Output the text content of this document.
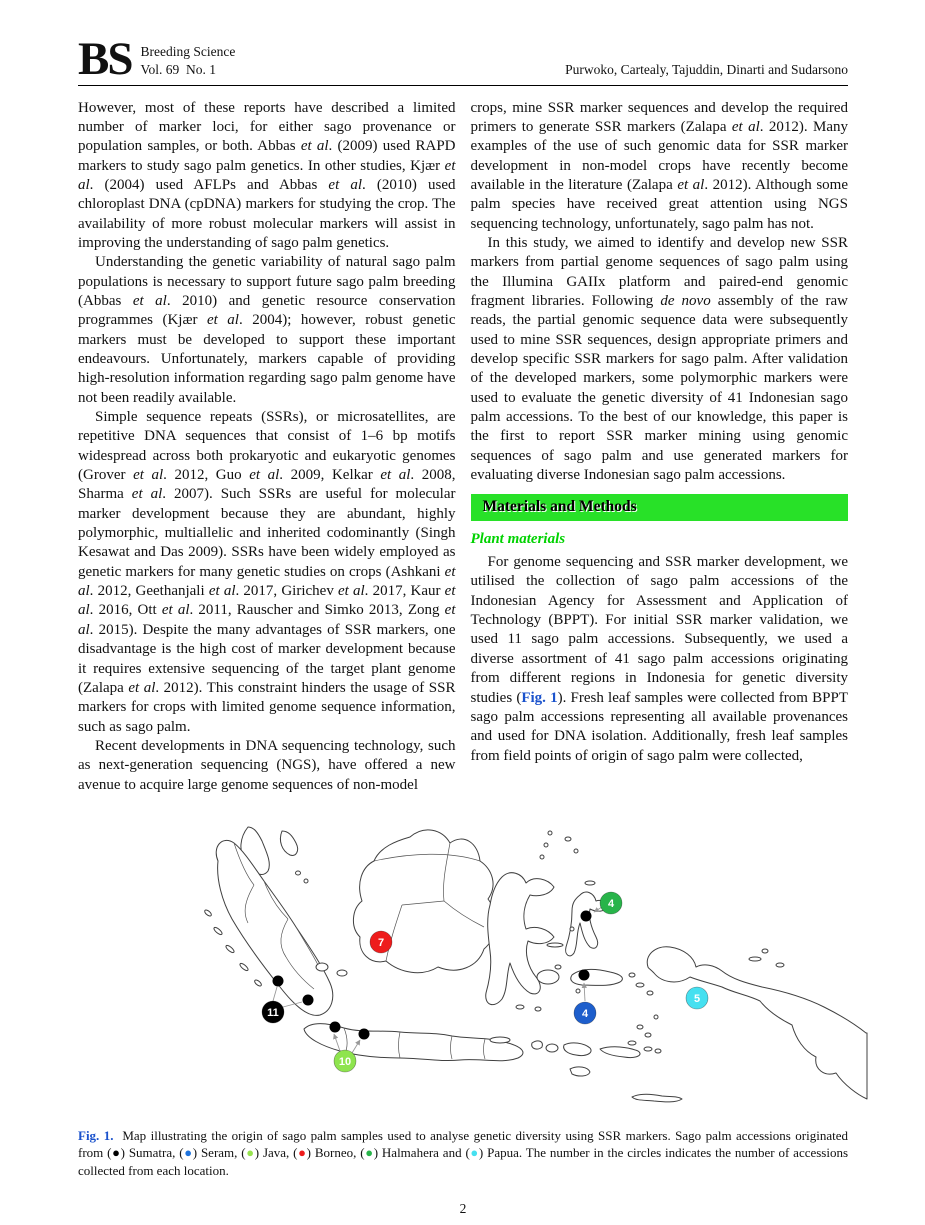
BS Breeding Science
Vol. 69  No. 1	Purwoko, Cartealy, Tajuddin, Dinarti and Sudarsono

However, most of these reports have described a limited number of marker loci, for either sago provenance or population samples, or both. Abbas et al. (2009) used RAPD markers to study sago palm genetics. In other studies, Kjær et al. (2004) used AFLPs and Abbas et al. (2010) used chloroplast DNA (cpDNA) markers for studying the crop. The availability of more robust molecular markers will assist in improving the understanding of sago palm genetics.

Understanding the genetic variability of natural sago palm populations is necessary to support future sago palm breeding (Abbas et al. 2010) and genetic resource conservation programmes (Kjær et al. 2004); however, robust genetic markers must be developed to support these important endeavours. Unfortunately, markers capable of providing high-resolution information regarding sago palm genome have not been readily available.

Simple sequence repeats (SSRs), or microsatellites, are repetitive DNA sequences that consist of 1–6 bp motifs widespread across both prokaryotic and eukaryotic genomes (Grover et al. 2012, Guo et al. 2009, Kelkar et al. 2008, Sharma et al. 2007). Such SSRs are useful for molecular marker development because they are abundant, highly polymorphic, multiallelic and inherited codominantly (Singh Kesawat and Das 2009). SSRs have been widely employed as genetic markers for many genetic studies on crops (Ashkani et al. 2012, Geethanjali et al. 2017, Girichev et al. 2017, Kaur et al. 2016, Ott et al. 2011, Rauscher and Simko 2013, Zong et al. 2015). Despite the many advantages of SSR markers, one disadvantage is the high cost of marker development because it requires extensive sequencing of the target plant genome (Zalapa et al. 2012). This constraint hinders the usage of SSR markers for crops with limited genome sequence information, such as sago palm.

Recent developments in DNA sequencing technology, such as next-generation sequencing (NGS), have offered a new avenue to acquire large genome sequences of non-model

crops, mine SSR marker sequences and develop the required primers to generate SSR markers (Zalapa et al. 2012). Many examples of the use of such genomic data for SSR marker development in non-model crops have recently become available in the literature (Zalapa et al. 2012). Although some palm species have received great attention using NGS sequencing technology, unfortunately, sago palm has not.

In this study, we aimed to identify and develop new SSR markers from partial genome sequences of sago palm using the Illumina GAIIx platform and paired-end genomic fragment libraries. Following de novo assembly of the raw reads, the partial genomic sequence data were subsequently used to mine SSR sequences, design appropriate primers and develop specific SSR markers for sago palm. After validation of the developed markers, some polymorphic markers were used to evaluate the genetic diversity of 41 Indonesian sago palm accessions. To the best of our knowledge, this paper is the first to report SSR marker mining using genomic sequences of sago palm and use generated markers for evaluating diverse Indonesian sago palm accessions.

Materials and Methods
Plant materials

For genome sequencing and SSR marker development, we utilised the collection of sago palm accessions of the Indonesian Agency for Assessment and Application of Technology (BPPT). For initial SSR marker validation, we used 11 sago palm accessions. Subsequently, we used a diverse assortment of 41 sago palm accessions originating from different regions in Indonesia for genetic diversity studies (Fig. 1). Fresh leaf samples were collected from BPPT sago palm accessions representing all available provenances and used for DNA isolation. Additionally, fresh leaf samples from field points of origin of sago palm were collected,

11
10
7
4
4
5
Fig. 1.  Map illustrating the origin of sago palm samples used to analyse genetic diversity using SSR markers. Sago palm accessions originated from (●) Sumatra, (●) Seram, (●) Java, (●) Borneo, (●) Halmahera and (●) Papua. The number in the circles indicates the number of accessions collected from each location.
2
